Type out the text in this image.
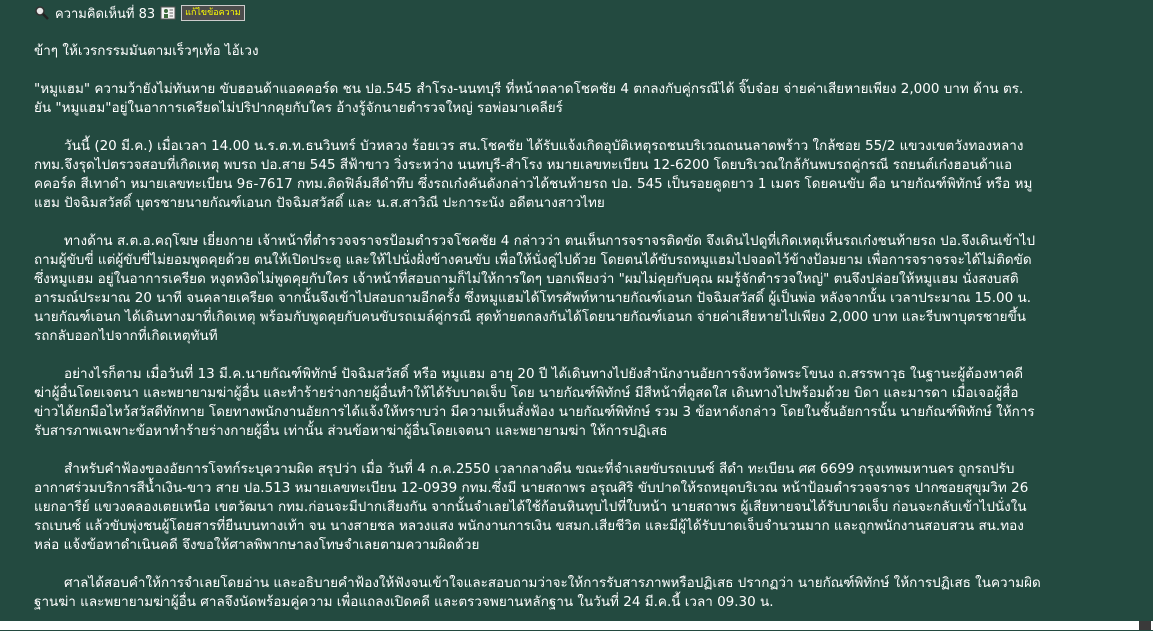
ความคิดเห็นที่ 83	แก้ไขข้อความ
ข้าๆ ให้เวรกรรมมันตามเร็วๆเท้อ ไอ้เวง
"หมูแฮม" ความว้ายังไม่ทันหาย ขับฮอนด้าแอคคอร์ด ชน ปอ.545 สำโรง-นนทบุรี ที่หน้าตลาดโชคชัย 4 ตกลงกับคู่กรณีได้ จิ๊บจ๋อย จ่ายค่าเสียหายเพียง 2,000 บาท ด้าน ตร.
ยัน "หมูแฮม"อยู่ในอาการเครียดไม่ปริปากคุยกับใคร อ้างรู้จักนายตำรวจใหญ่ รอพ่อมาเคลียร์
วันนี้ (20 มี.ค.) เมื่อเวลา 14.00 น.ร.ต.ท.ธนวินทร์ บัวหลวง ร้อยเวร สน.โชคชัย ได้รับแจ้งเกิดอุบัติเหตุรถชนบริเวณถนนลาดพร้าว ใกล้ซอย 55/2 แขวงเขตวังทองหลาง
กทม.จึงรุดไปตรวจสอบที่เกิดเหตุ พบรถ ปอ.สาย 545 สีฟ้าขาว วิ่งระหว่าง นนทบุรี-สำโรง หมายเลขทะเบียน 12-6200 โดยบริเวณใกล้กันพบรถคู่กรณี รถยนต์เก๋งฮอนด้าแอ
คคอร์ด สีเทาดำ หมายเลขทะเบียน 9ธ-7617 กทม.ติดฟิล์มสีดำทึบ ซึ่งรถเก๋งคันดังกล่าวได้ชนท้ายรถ ปอ. 545 เป็นรอยคูดยาว 1 เมตร โดยคนขับ คือ นายกัณฑ์พิทักษ์ หรือ หมู
แฮม ปัจฉิมสวัสดิ์ บุตรชายนายกัณฑ์เอนก ปัจฉิมสวัสดิ์ และ น.ส.สาวิณี ปะการะนัง อดีตนางสาวไทย
ทางด้าน ส.ต.อ.คฤโฆษ เยี่ยงกาย เจ้าหน้าที่ตำรวจจราจรป้อมตำรวจโชคชัย 4 กล่าวว่า ตนเห็นการจราจรติดขัด จึงเดินไปดูที่เกิดเหตุเห็นรถเก๋งชนท้ายรถ ปอ.จึงเดินเข้าไป
ถามผู้ขับขี่ แต่ผู้ขับขี่ไม่ยอมพูดคุยด้วย ตนให้เปิดประตู และให้ไปนั่งฝั่งข้างคนขับ เพื่อให้นั่งคู่ไปด้วย โดยตนได้ขับรถหมูแฮมไปจอดไว้ข้างป้อมยาม เพื่อการจราจรจะได้ไม่ติดขัด
ซึ่งหมูแฮม อยู่ในอาการเครียด หงุดหงิดไม่พูดคุยกับใคร เจ้าหน้าที่สอบถามก็ไม่ให้การใดๆ บอกเพียงว่า "ผมไม่คุยกับคุณ ผมรู้จักตำรวจใหญ่" ตนจึงปล่อยให้หมูแฮม นั่งสงบสติ
อารมณ์ประมาณ 20 นาที จนคลายเครียด จากนั้นจึงเข้าไปสอบถามอีกครั้ง ซึ่งหมูแฮมได้โทรศัพท์หานายกัณฑ์เอนก ปัจฉิมสวัสดิ์ ผู้เป็นพ่อ หลังจากนั้น เวลาประมาณ 15.00 น.
นายกัณฑ์เอนก ได้เดินทางมาที่เกิดเหตุ พร้อมกับพูดคุยกับคนขับรถเมล์คู่กรณี สุดท้ายตกลงกันได้โดยนายกัณฑ์เอนก จ่ายค่าเสียหายไปเพียง 2,000 บาท และรีบพาบุตรชายขึ้น
รถกลับออกไปจากที่เกิดเหตุทันที
อย่างไรก็ตาม เมื่อวันที่ 13 มี.ค.นายกัณฑ์พิทักษ์ ปัจฉิมสวัสดิ์ หรือ หมูแฮม อายุ 20 ปี ได้เดินทางไปยังสำนักงานอัยการจังหวัดพระโขนง ถ.สรรพาวุธ ในฐานะผู้ต้องหาคดี
ฆ่าผู้อื่นโดยเจตนา และพยายามฆ่าผู้อื่น และทำร้ายร่างกายผู้อื่นทำให้ได้รับบาดเจ็บ โดย นายกัณฑ์พิทักษ์ มีสีหน้าที่ดูสดใส เดินทางไปพร้อมด้วย บิดา และมารดา เมื่อเจอผู้สื่อ
ข่าวได้ยกมือไหว้สวัสดีทักทาย โดยทางพนักงานอัยการได้แจ้งให้ทราบว่า มีความเห็นสั่งฟ้อง นายกัณฑ์พิทักษ์ รวม 3 ข้อหาดังกล่าว โดยในชั้นอัยการนั้น นายกัณฑ์พิทักษ์ ให้การ
รับสารภาพเฉพาะข้อหาทำร้ายร่างกายผู้อื่น เท่านั้น ส่วนข้อหาฆ่าผู้อื่นโดยเจตนา และพยายามฆ่า ให้การปฏิเสธ
สำหรับคำฟ้องของอัยการโจทก์ระบุความผิด สรุปว่า เมื่อ วันที่ 4 ก.ค.2550 เวลากลางคืน ขณะที่จำเลยขับรถเบนซ์ สีดำ ทะเบียน ศศ 6699 กรุงเทพมหานคร ถูกรถปรับ
อากาศร่วมบริการสีน้ำเงิน-ขาว สาย ปอ.513 หมายเลขทะเบียน 12-0939 กทม.ซึ่งมี นายสถาพร อรุณศิริ ขับปาดให้รถหยุดบริเวณ หน้าป้อมตำรวจจราจร ปากซอยสุขุมวิท 26
แยกอารีย์ แขวงคลองเตยเหนือ เขตวัฒนา กทม.ก่อนจะมีปากเสียงกัน จากนั้นจำเลยได้ใช้ก้อนหินทุบไปที่ใบหน้า นายสถาพร ผู้เสียหายจนได้รับบาดเจ็บ ก่อนจะกลับเข้าไปนั่งใน
รถเบนซ์ แล้วขับพุ่งชนผู้โดยสารที่ยืนบนทางเท้า จน นางสายชล หลวงแสง พนักงานการเงิน ขสมก.เสียชีวิต และมีผู้ได้รับบาดเจ็บจำนวนมาก และถูกพนักงานสอบสวน สน.ทอง
หล่อ แจ้งข้อหาดำเนินคดี จึงขอให้ศาลพิพากษาลงโทษจำเลยตามความผิดด้วย
ศาลได้สอบคำให้การจำเลยโดยอ่าน และอธิบายคำฟ้องให้ฟังจนเข้าใจและสอบถามว่าจะให้การรับสารภาพหรือปฏิเสธ ปรากฏว่า นายกัณฑ์พิทักษ์ ให้การปฏิเสธ ในความผิด
ฐานฆ่า และพยายามฆ่าผู้อื่น ศาลจึงนัดพร้อมคู่ความ เพื่อแถลงเปิดคดี และตรวจพยานหลักฐาน ในวันที่ 24 มี.ค.นี้ เวลา 09.30 น.
